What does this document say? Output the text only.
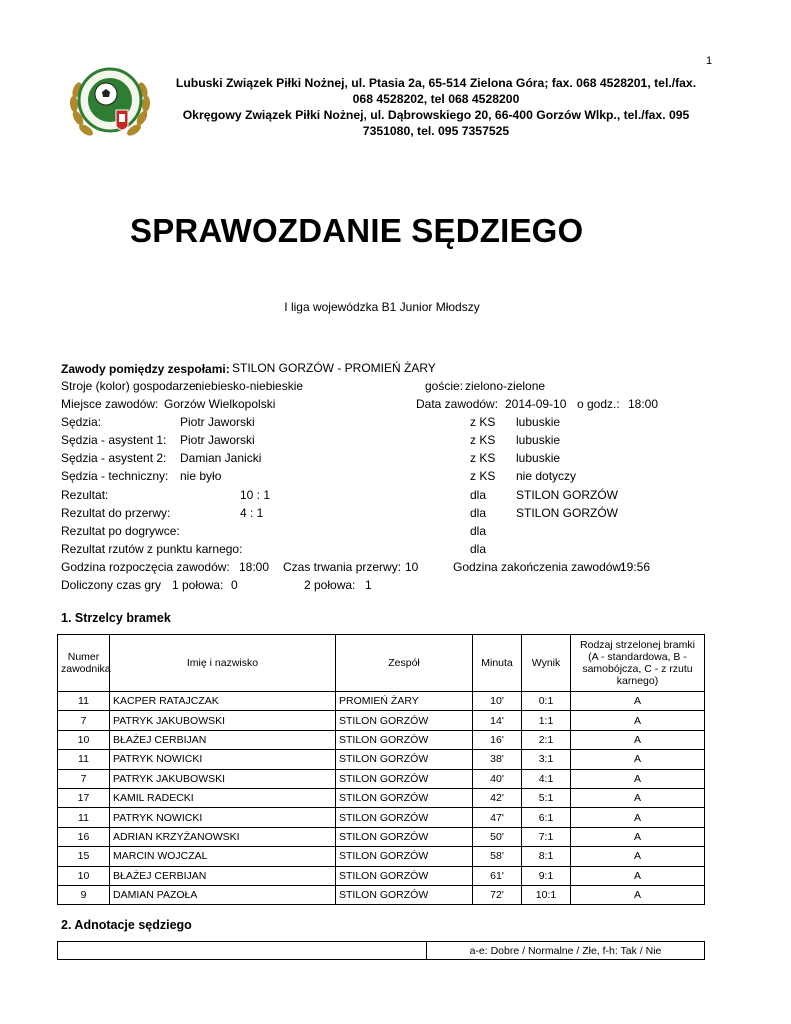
1
Lubuski Związek Piłki Nożnej, ul. Ptasia 2a, 65-514 Zielona Góra; fax. 068 4528201, tel./fax.
068 4528202, tel 068 4528200
Okręgowy Związek Piłki Nożnej, ul. Dąbrowskiego 20, 66-400 Gorzów Wlkp., tel./fax. 095
7351080, tel. 095 7357525
SPRAWOZDANIE SĘDZIEGO
I liga wojewódzka B1 Junior Młodszy
Zawody pomiędzy zespołami: STILON GORZÓW - PROMIEŃ ŻARY
Stroje (kolor) gospodarze:
niebiesko-niebieskie	goście: zielono-zielone
Miejsce zawodów: Gorzów Wielkopolski	Data zawodów: 2014-09-10 o godz.: 18:00
Sędzia:	Piotr Jaworski	z KS lubuskie
Sędzia - asystent 1: Piotr Jaworski	z KS lubuskie
Sędzia - asystent 2: Damian Janicki	z KS lubuskie
Sędzia - techniczny: nie było	z KS nie dotyczy
Rezultat:	10 : 1	dla STILON GORZÓW
Rezultat do przerwy:	4 : 1	dla STILON GORZÓW
Rezultat po dogrywce:	dla
Rezultat rzutów z punktu karnego:	dla
Godzina rozpoczęcia zawodów: 18:00 Czas trwania przerwy: 10	Godzina zakończenia zawodów:
19:56
Doliczony czas gry 1 połowa: 0	2 połowa: 1
1. Strzelcy bramek
Numer zawodnika	Imię i nazwisko	Zespół	Minuta	Wynik	Rodzaj strzelonej bramki (A - standardowa, B - samobójcza, C - z rzutu karnego)
11	KACPER RATAJCZAK	PROMIEŃ ŻARY	10'	0:1	A
7	PATRYK JAKUBOWSKI	STILON GORZÓW	14'	1:1	A
10	BŁAŻEJ CERBIJAN	STILON GORZÓW	16'	2:1	A
11	PATRYK NOWICKI	STILON GORZÓW	38'	3:1	A
7	PATRYK JAKUBOWSKI	STILON GORZÓW	40'	4:1	A
17	KAMIL RADECKI	STILON GORZÓW	42'	5:1	A
11	PATRYK NOWICKI	STILON GORZÓW	47'	6:1	A
16	ADRIAN KRZYŻANOWSKI	STILON GORZÓW	50'	7:1	A
15	MARCIN WOJCZAL	STILON GORZÓW	58'	8:1	A
10	BŁAŻEJ CERBIJAN	STILON GORZÓW	61'	9:1	A
9	DAMIAN PAZOŁA	STILON GORZÓW	72'	10:1	A
2. Adnotacje sędziego
	a-e: Dobre / Normalne / Złe, f-h: Tak / Nie
